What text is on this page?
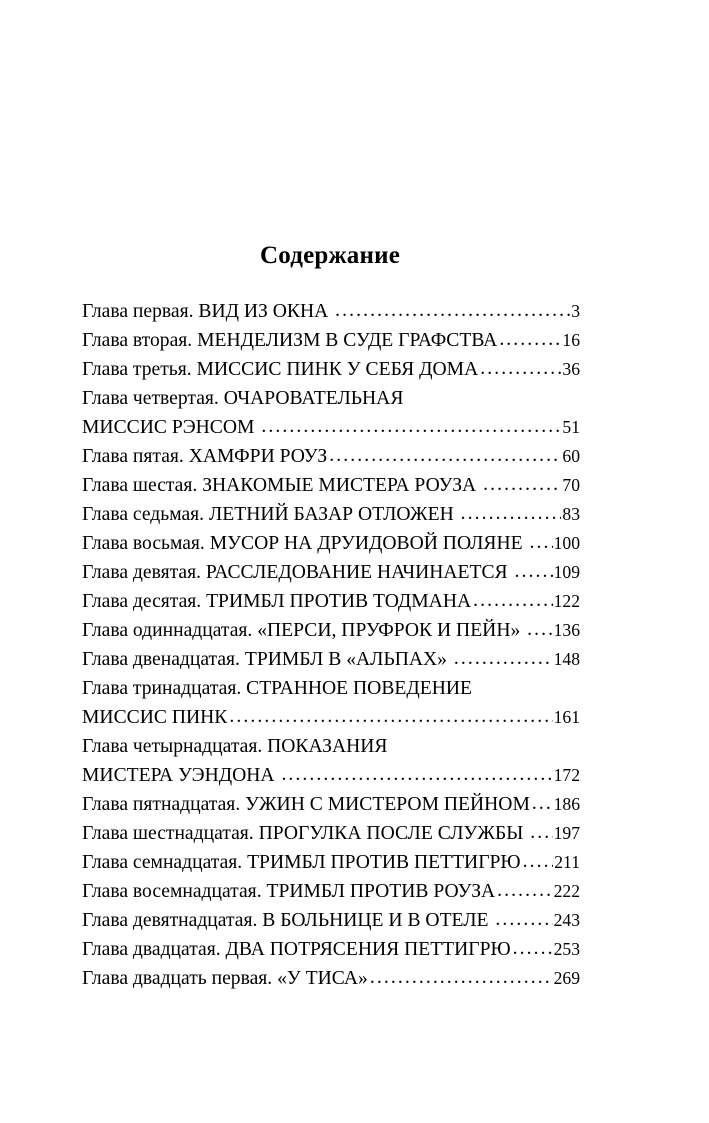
Содержание
Глава первая. ВИД ИЗ ОКНА .....	3
Глава вторая. МЕНДЕЛИЗМ В СУДЕ ГРАФСТВА .....	16
Глава третья. МИССИС ПИНК У СЕБЯ ДОМА .....	36
Глава четвертая. ОЧАРОВАТЕЛЬНАЯ
МИССИС РЭНСОМ .....	51
Глава пятая. ХАМФРИ РОУЗ .....	60
Глава шестая. ЗНАКОМЫЕ МИСТЕРА РОУЗА .....	70
Глава седьмая. ЛЕТНИЙ БАЗАР ОТЛОЖЕН .....	83
Глава восьмая. МУСОР НА ДРУИДОВОЙ ПОЛЯНЕ ..... 100
Глава девятая. РАССЛЕДОВАНИЕ НАЧИНАЕТСЯ ..... 109
Глава десятая. ТРИМБЛ ПРОТИВ ТОДМАНА .....	122
Глава одиннадцатая. «ПЕРСИ, ПРУФРОК И ПЕЙН» ..... 136
Глава двенадцатая. ТРИМБЛ В «АЛЬПАХ» .....	148
Глава тринадцатая. СТРАННОЕ ПОВЕДЕНИЕ
МИССИС ПИНК .....	161
Глава четырнадцатая. ПОКАЗАНИЯ
МИСТЕРА УЭНДОНА .....	172
Глава пятнадцатая. УЖИН С МИСТЕРОМ ПЕЙНОМ ..... 186
Глава шестнадцатая. ПРОГУЛКА ПОСЛЕ СЛУЖБЫ ..... 197
Глава семнадцатая. ТРИМБЛ ПРОТИВ ПЕТТИГРЮ ..... 211
Глава восемнадцатая. ТРИМБЛ ПРОТИВ РОУЗА .....	222
Глава девятнадцатая. В БОЛЬНИЦЕ И В ОТЕЛЕ .....	243
Глава двадцатая. ДВА ПОТРЯСЕНИЯ ПЕТТИГРЮ ..... 253
Глава двадцать первая. «У ТИСА» .....	269
